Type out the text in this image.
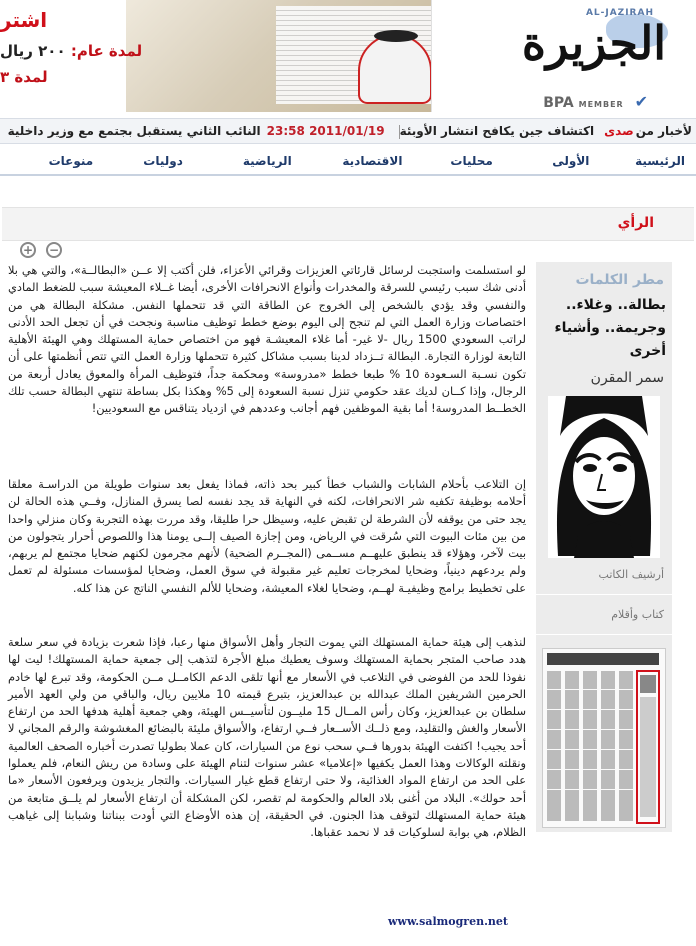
اشتر
لمدة عام: ٢٠٠ ريال
لمدة ٣
AL-JAZIRAH
الجزيرة
BPA MEMBER ✔
لأخبار منصدىاكتشاف جين يكافح انتشار الأوبئة2011/01/19 23:58النائب الثاني يستقبل بجتمع مع وزير داخلية
الرئيسية الأولى محليات الاقتصادية الرياضية دوليات منوعات
الرأي
+ −
مطر الكلمات
بطالة.. وغلاء.. وجريمة.. وأشياء أخرى
سمر المقرن
أرشيف الكاتب
كتاب وأقلام

لو استسلمت واستجبت لرسائل قارئاتي العزيزات وقرائي الأعزاء، فلن أكتب إلا عــن «البطالــة»، والتي هي بلا أدنى شك سبب رئيسي للسرقة والمخدرات وأنواع الانحرافات الأخرى، أيضا غــلاء المعيشة سبب للضغط المادي والنفسي وقد يؤدي بالشخص إلى الخروج عن الطاقة التي قد تتحملها النفس. مشكلة البطالة هي من اختصاصات وزارة العمل التي لم تنجح إلى اليوم بوضع خطط توظيف مناسبة ونجحت في أن تجعل الحد الأدنى لراتب السعودي 1500 ريال -لا غير- أما غلاء المعيشـة فهو من اختصاص حماية المستهلك وهي الهيئة الأهلية التابعة لوزارة التجارة. البطالة تــزداد لدينا بسبب مشاكل كثيرة تتحملها وزارة العمل التي تتص أنظمتها على أن تكون نسـبة السـعودة 10 % طبعا خطط «مدروسة» ومحكمة جداً، فتوظيف المرأة والمعوق يعادل أربعة من الرجال، وإذا كــان لديك عقد حكومي تنزل نسبة السعودة إلى 5% وهكذا بكل بساطة تنتهي البطالة حسب تلك الخطــط المدروسة! أما بقية الموظفين فهم أجانب وعددهم في ازدياد يتناقس مع السعوديين!

إن التلاعب بأحلام الشابات والشباب خطأ كبير بحد ذاته، فماذا يفعل بعد سنوات طويلة من الدراسـة معلقا أحلامه بوظيفة تكفيه شر الانحرافات، لكنه في النهاية قد يجد نفسه لصا يسرق المنازل، وفــي هذه الحالة لن يجد حتى من يوقفه لأن الشرطة لن تقبض عليه، وسيظل حرا طليقا، وقد مررت بهذه التجربة وكان منزلي واحدا من بين مئات البيوت التي سُرقت في الرياض، ومن إجازة الصيف إلــى يومنا هذا واللصوص أحرار يتجولون من بيت لآخر، وهؤلاء قد ينطبق عليهــم مســمى (المجــرم الضحية) لأنهم مجرمون لكنهم ضحايا مجتمع لم يربهم، ولم يردعهم دينياً، وضحايا لمخرجات تعليم غير مقبولة في سوق العمل، وضحايا لمؤسسات مسئولة لم تعمل على تخطيط برامج وظيفيـة لهــم، وضحايا لغلاء المعيشة، وضحايا للألم النفسي الناتج عن هذا كله.

لنذهب إلى هيئة حماية المستهلك التي يموت التجار وأهل الأسواق منها رعبا، فإذا شعرت بزيادة في سعر سلعة هدد صاحب المتجر بحماية المستهلك وسوف يعطيك مبلغ الأجرة لتذهب إلى جمعية حماية المستهلك! ليت لها نفوذا للحد من الفوضى في التلاعب في الأسعار مع أنها تلقى الدعم الكامــل مــن الحكومة، وقد تبرع لها خادم الحرمين الشريفين الملك عبدالله بن عبدالعزيز، بتبرع قيمته 10 ملايين ريال، والباقي من ولي العهد الأمير سلطان بن عبدالعزيز، وكان رأس المــال 15 مليــون لتأسيــس الهيئة، وهي جمعية أهلية هدفها الحد من ارتفاع الأسعار والغش والتقليد، ومع ذلــك الأســعار فــي ارتفاع، والأسواق مليئة بالبضائع المغشوشة والرقم المجاني لا أحد يجيب! اكتفت الهيئة بدورها فــي سحب نوع من السيارات، كان عملا بطوليا تصدرت أخباره الصحف العالمية ونقلته الوكالات وهذا العمل يكفيها «إعلاميا» عشر سنوات لتنام الهيئة على وسادة من ريش النعام، فلم يعملوا على الحد من ارتفاع المواد الغذائية، ولا حتى ارتفاع قطع غيار السيارات. والتجار يزيدون ويرفعون الأسعار «ما أحد حولك». البلاد من أغنى بلاد العالم والحكومة لم تقصر، لكن المشكلة أن ارتفاع الأسعار لم يلــق متابعة من هيئة حماية المستهلك لتوقف هذا الجنون. في الحقيقة، إن هذه الأوضاع التي أودت ببناتنا وشبابنا إلى غياهب الظلام، هي بوابة لسلوكيات قد لا نحمد عقباها.

www.salmogren.net
